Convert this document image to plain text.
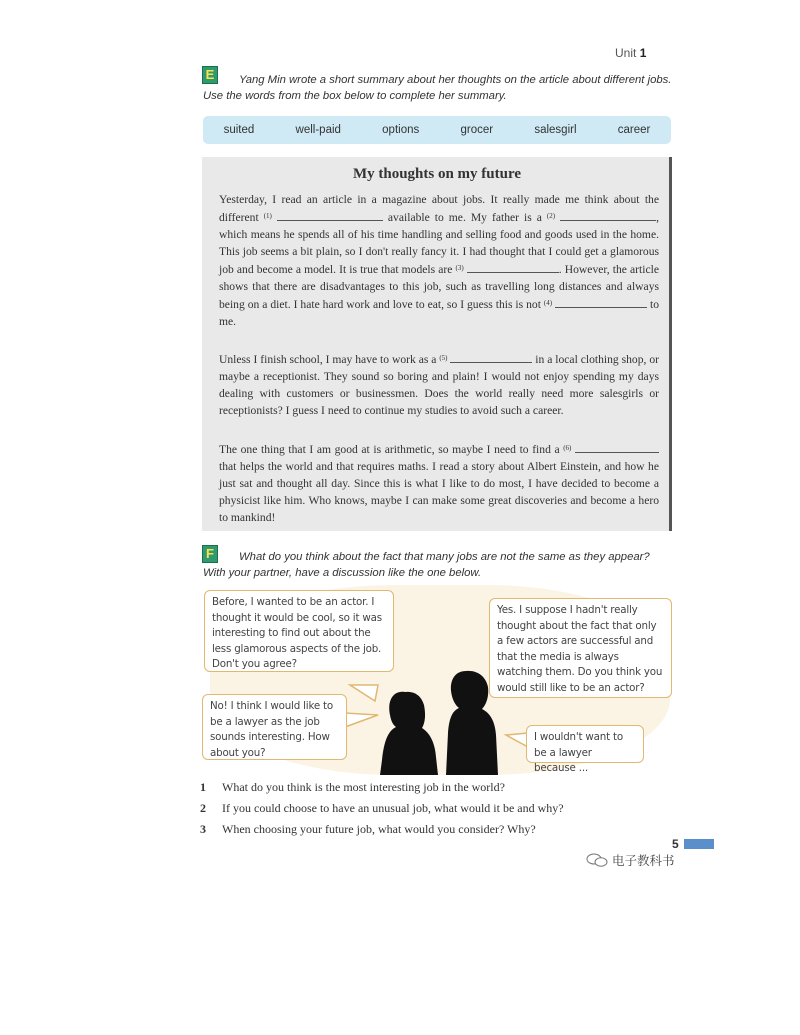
Unit 1
E	Yang Min wrote a short summary about her thoughts on the article about different jobs. Use the words from the box below to complete her summary.
suited	well-paid	options	grocer	salesgirl	career
My thoughts on my future

Yesterday, I read an article in a magazine about jobs. It really made me think about the different $^{(1)}$	available to me. My father is a $^{(2)}$	, which means he spends all of his time handling and selling food and goods used in the home. This job seems a bit plain, so I don't really fancy it. I had thought that I could get a glamorous job and become a model. It is true that models are $^{(3)}$	. However, the article shows that there are disadvantages to this job, such as travelling long distances and always being on a diet. I hate hard work and love to eat, so I guess this is not $^{(4)}$	to me.

Unless I finish school, I may have to work as a $^{(5)}$	in a local clothing shop, or maybe a receptionist. They sound so boring and plain! I would not enjoy spending my days dealing with customers or businessmen. Does the world really need more salesgirls or receptionists? I guess I need to continue my studies to avoid such a career.

The one thing that I am good at is arithmetic, so maybe I need to find a $^{(6)}$  that helps the world and that requires maths. I read a story about Albert Einstein, and how he just sat and thought all day. Since this is what I like to do most, I have decided to become a physicist like him. Who knows, maybe I can make some great discoveries and become a hero to mankind!

F	What do you think about the fact that many jobs are not the same as they appear? With your partner, have a discussion like the one below.
Before, I wanted to be an actor. I thought it would be cool, so it was interesting to find out about the less glamorous aspects of the job. Don't you agree?
Yes. I suppose I hadn't really thought about the fact that only a few actors are successful and that the media is always watching them. Do you think you would still like to be an actor?
No! I think I would like to be a lawyer as the job sounds interesting. How about you?
I wouldn't want to be a lawyer because ...
1 What do you think is the most interesting job in the world?
2 If you could choose to have an unusual job, what would it be and why?
3 When choosing your future job, what would you consider? Why?
5
电子教科书
